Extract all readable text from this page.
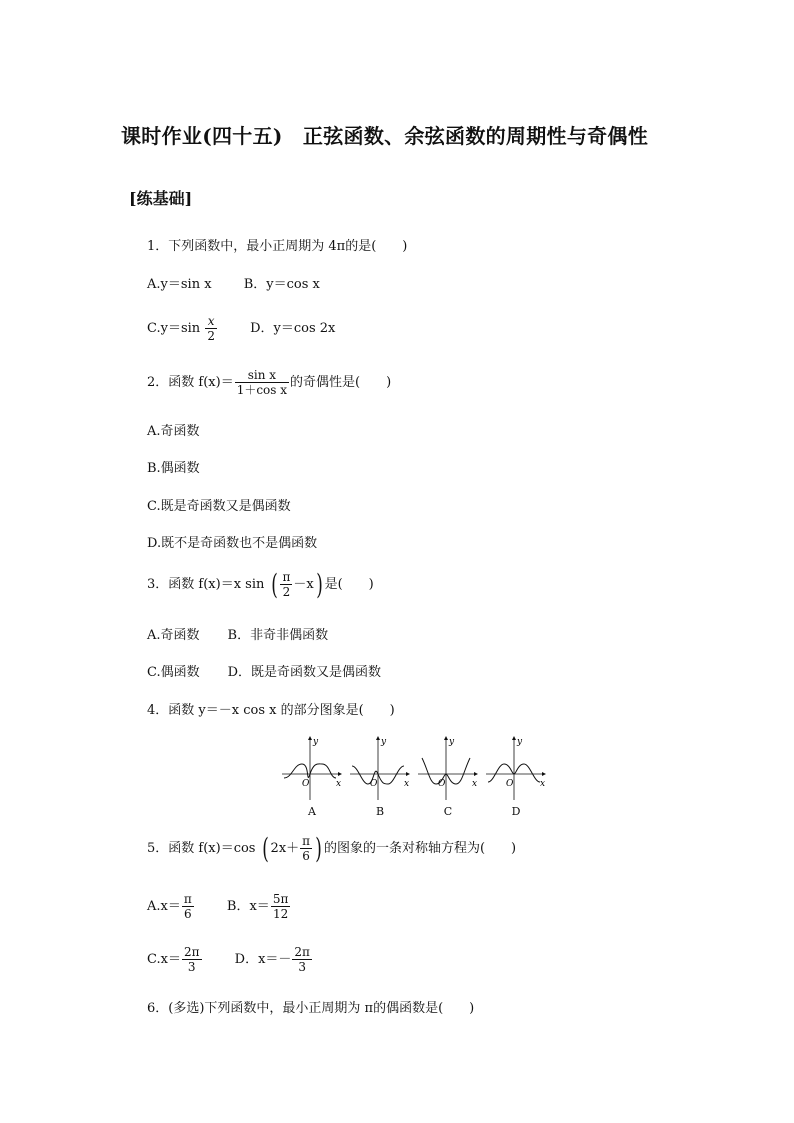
课时作业(四十五)　正弦函数、余弦函数的周期性与奇偶性
[练基础]
1．下列函数中，最小正周期为 4π的是(　　)
A.y＝sin x B．y＝cos x
$C.y=\sin \frac{x}{2}$	D．y＝cos 2x
2．函数 $f(x)= \frac{\text{sin x}}{\text{1＋cos x}}$ 的奇偶性是(　　)
A.奇函数
B.偶函数
C.既是奇函数又是偶函数
D.既不是奇函数也不是偶函数
3．函数 f(x)＝x sin ( $\frac{\pi}{2} -x$) 是(　　)
A.奇函数 B．非奇非偶函数
C.偶函数 D．既是奇函数又是偶函数
4．函数 y＝－x cos x 的部分图象是(　　)
y
x
O
A
y
x
O
B
y
x
O
C
y
x
O
D
5．函数 f(x)＝cos ( $2x+ \frac{\pi}{6}$ ) 的图象的一条对称轴方程为(　　)
$A.x= \frac{\pi}{6}$	B．$x= \frac{5\pi}{12}$
$C.x= \frac{2\pi}{3}$	D．$x=- \frac{2\pi}{3}$
6．(多选)下列函数中，最小正周期为 π的偶函数是(　　)
